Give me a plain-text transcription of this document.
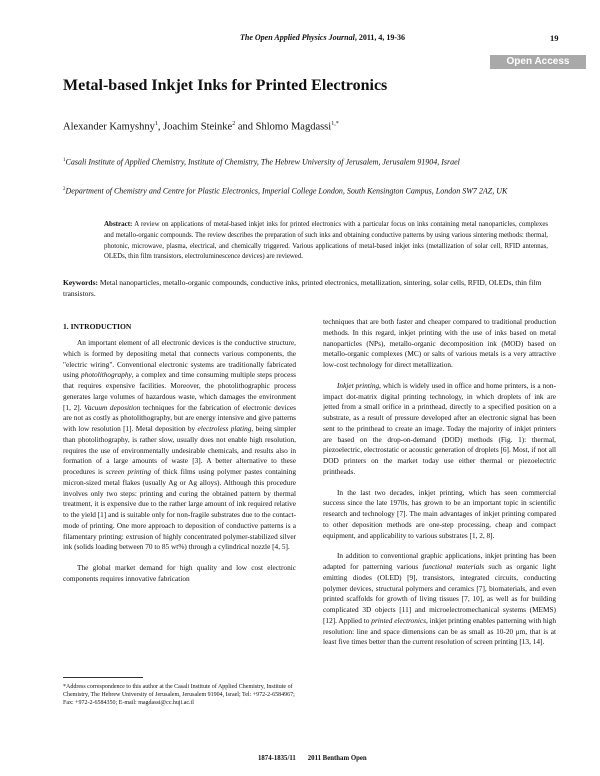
The Open Applied Physics Journal, 2011, 4, 19-36	19
Open Access
Metal-based Inkjet Inks for Printed Electronics
Alexander Kamyshny$^1$, Joachim Steinke$^2$ and Shlomo Magdassi$^{1,*}$
$^1$Casali Institute of Applied Chemistry, Institute of Chemistry, The Hebrew University of Jerusalem, Jerusalem 91904, Israel
$^2$Department of Chemistry and Centre for Plastic Electronics, Imperial College London, South Kensington Campus, London SW7 2AZ, UK
Abstract: A review on applications of metal-based inkjet inks for printed electronics with a particular focus on inks containing metal nanoparticles, complexes and metallo-organic compounds. The review describes the preparation of such inks and obtaining conductive patterns by using various sintering methods: thermal, photonic, microwave, plasma, electrical, and chemically triggered. Various applications of metal-based inkjet inks (metallization of solar cell, RFID antennas, OLEDs, thin film transistors, electroluminescence devices) are reviewed.
Keywords: Metal nanoparticles, metallo-organic compounds, conductive inks, printed electronics, metallization, sintering, solar cells, RFID, OLEDs, thin film transistors.
1. INTRODUCTION

An important element of all electronic devices is the conductive structure, which is formed by depositing metal that connects various components, the "electric wiring". Conventional electronic systems are traditionally fabricated using photolithography, a complex and time consuming multiple steps process that requires expensive facilities. Moreover, the photolithographic process generates large volumes of hazardous waste, which damages the environment [1, 2]. Vacuum deposition techniques for the fabrication of electronic devices are not as costly as photolithography, but are energy intensive and give patterns with low resolution [1]. Metal deposition by electroless plating, being simpler than photolithography, is rather slow, usually does not enable high resolution, requires the use of environmentally undesirable chemicals, and results also in formation of a large amounts of waste [3]. A better alternative to these procedures is screen printing of thick films using polymer pastes containing micron-sized metal flakes (usually Ag or Ag alloys). Although this procedure involves only two steps: printing and curing the obtained pattern by thermal treatment, it is expensive due to the rather large amount of ink required relative to the yield [1] and is suitable only for non-fragile substrates due to the contact-mode of printing. One more approach to deposition of conductive patterns is a filamentary printing: extrusion of highly concentrated polymer-stabilized silver ink (solids loading between 70 to 85 wt%) through a cylindrical nozzle [4, 5].

The global market demand for high quality and low cost electronic components requires innovative fabrication

techniques that are both faster and cheaper compared to traditional production methods. In this regard, inkjet printing with the use of inks based on metal nanoparticles (NPs), metallo-organic decomposition ink (MOD) based on metallo-organic complexes (MC) or salts of various metals is a very attractive low-cost technology for direct metallization.

Inkjet printing, which is widely used in office and home printers, is a non-impact dot-matrix digital printing technology, in which droplets of ink are jetted from a small orifice in a printhead, directly to a specified position on a substrate, as a result of pressure developed after an electronic signal has been sent to the printhead to create an image. Today the majority of inkjet printers are based on the drop-on-demand (DOD) methods (Fig. 1): thermal, piezoelectric, electrostatic or acoustic generation of droplets [6]. Most, if not all DOD printers on the market today use either thermal or piezoelectric printheads.

In the last two decades, inkjet printing, which has seen commercial success since the late 1970s, has grown to be an important topic in scientific research and technology [7]. The main advantages of inkjet printing compared to other deposition methods are one-step processing, cheap and compact equipment, and applicability to various substrates [1, 2, 8].

In addition to conventional graphic applications, inkjet printing has been adapted for patterning various functional materials such as organic light emitting diodes (OLED) [9], transistors, integrated circuits, conducting polymer devices, structural polymers and ceramics [7], biomaterials, and even printed scaffolds for growth of living tissues [7, 10], as well as for building complicated 3D objects [11] and microelectromechanical systems (MEMS) [12]. Applied to printed electronics, inkjet printing enables patterning with high resolution: line and space dimensions can be as small as 10-20 μm, that is at least five times better than the current resolution of screen printing [13, 14].

*Address correspondence to this author at the Casali Institute of Applied Chemistry, Institute of Chemistry, The Hebrew University of Jerusalem, Jerusalem 91904, Israel; Tel: +972-2-6584967; Fax: +972-2-6584350; E-mail: magdassi@cc.huji.ac.il
1874-1835/11 2011 Bentham Open
